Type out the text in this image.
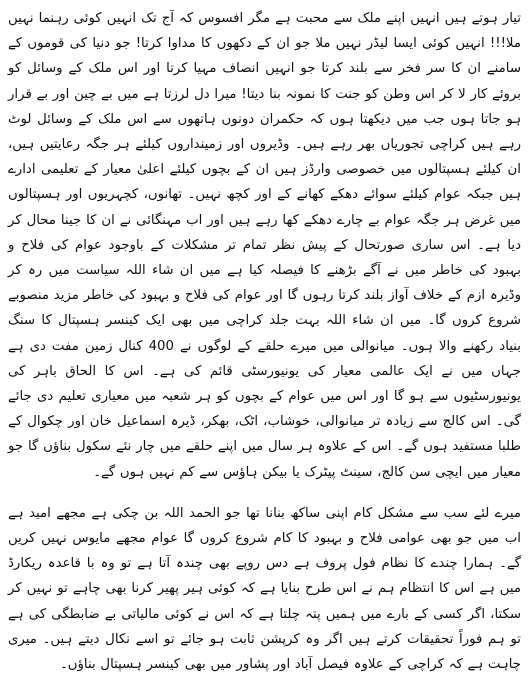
تیار ہوتے ہیں انہیں اپنے ملک سے محبت ہے مگر افسوس کہ آج تک انہیں کوئی رہنما نہیں ملا!!! انہیں کوئی ایسا لیڈر نہیں ملا جو ان کے دکھوں کا مداوا کرتا! جو دنیا کی قوموں کے سامنے ان کا سر فخر سے بلند کرتا جو انہیں انصاف مہیا کرتا اور اس ملک کے وسائل کو بروئے کار لا کر اس وطن کو جنت کا نمونہ بنا دیتا! میرا دل لرزتا ہے میں بے چین اور بے قرار ہو جاتا ہوں جب میں دیکھتا ہوں کہ حکمران دونوں ہاتھوں سے اس ملک کے وسائل لوٹ رہے ہیں کراچی تجوریاں بھر رہے ہیں۔ وڈیروں اور زمینداروں کیلئے ہر جگہ رعایتیں ہیں، ان کیلئے ہسپتالوں میں خصوصی وارڈز ہیں ان کے بچوں کیلئے اعلیٰ معیار کے تعلیمی ادارے ہیں جبکہ عوام کیلئے سوائے دھکے کھانے کے اور کچھ نہیں۔ تھانوں، کچہریوں اور ہسپتالوں میں غرض ہر جگہ عوام بے چارے دھکے کھا رہے ہیں اور اب مہنگائی نے ان کا جینا محال کر دیا ہے۔ اس ساری صورتحال کے پیش نظر تمام تر مشکلات کے باوجود عوام کی فلاح و بہبود کی خاطر میں نے آگے بڑھنے کا فیصلہ کیا ہے میں ان شاء اللہ سیاست میں رہ کر وڈیرہ ازم کے خلاف آواز بلند کرتا رہوں گا اور عوام کی فلاح و بہبود کی خاطر مزید منصوبے شروع کروں گا۔ میں ان شاء اللہ بہت جلد کراچی میں بھی ایک کینسر ہسپتال کا سنگ بنیاد رکھنے والا ہوں۔ میانوالی میں میرے حلقے کے لوگوں نے 400 کنال زمین مفت دی ہے جہاں میں نے ایک عالمی معیار کی یونیورسٹی قائم کی ہے۔ اس کا الحاق باہر کی یونیورسٹیوں سے ہو گا اور اس میں عوام کے بچوں کو ہر شعبہ میں معیاری تعلیم دی جائے گی۔ اس کالج سے زیادہ تر میانوالی، خوشاب، اٹک، بھکر، ڈیرہ اسماعیل خان اور چکوال کے طلبا مستفید ہوں گے۔ اس کے علاوہ ہر سال میں اپنے حلقے میں چار نئے سکول بناؤں گا جو معیار میں ایچی سن کالج، سینٹ پیٹرک یا بیکن ہاؤس سے کم نہیں ہوں گے۔

میرے لئے سب سے مشکل کام اپنی ساکھ بنانا تھا جو الحمد اللہ بن چکی ہے مجھے امید ہے اب میں جو بھی عوامی فلاح و بہبود کا کام شروع کروں گا عوام مجھے مایوس نہیں کریں گے۔ ہمارا چندے کا نظام فول پروف ہے دس روپے بھی چندہ آتا ہے تو وہ با قاعدہ ریکارڈ میں ہے اس کا انتظام ہم نے اس طرح بنایا ہے کہ کوئی ہیر پھیر کرنا بھی چاہے تو نہیں کر سکتا، اگر کسی کے بارے میں ہمیں پتہ چلتا ہے کہ اس نے کوئی مالیاتی بے ضابطگی کی ہے تو ہم فوراً تحقیقات کرتے ہیں اگر وہ کرپشن ثابت ہو جائے تو اسے نکال دیتے ہیں۔ میری چاہت ہے کہ کراچی کے علاوہ فیصل آباد اور پشاور میں بھی کینسر ہسپتال بناؤں۔
